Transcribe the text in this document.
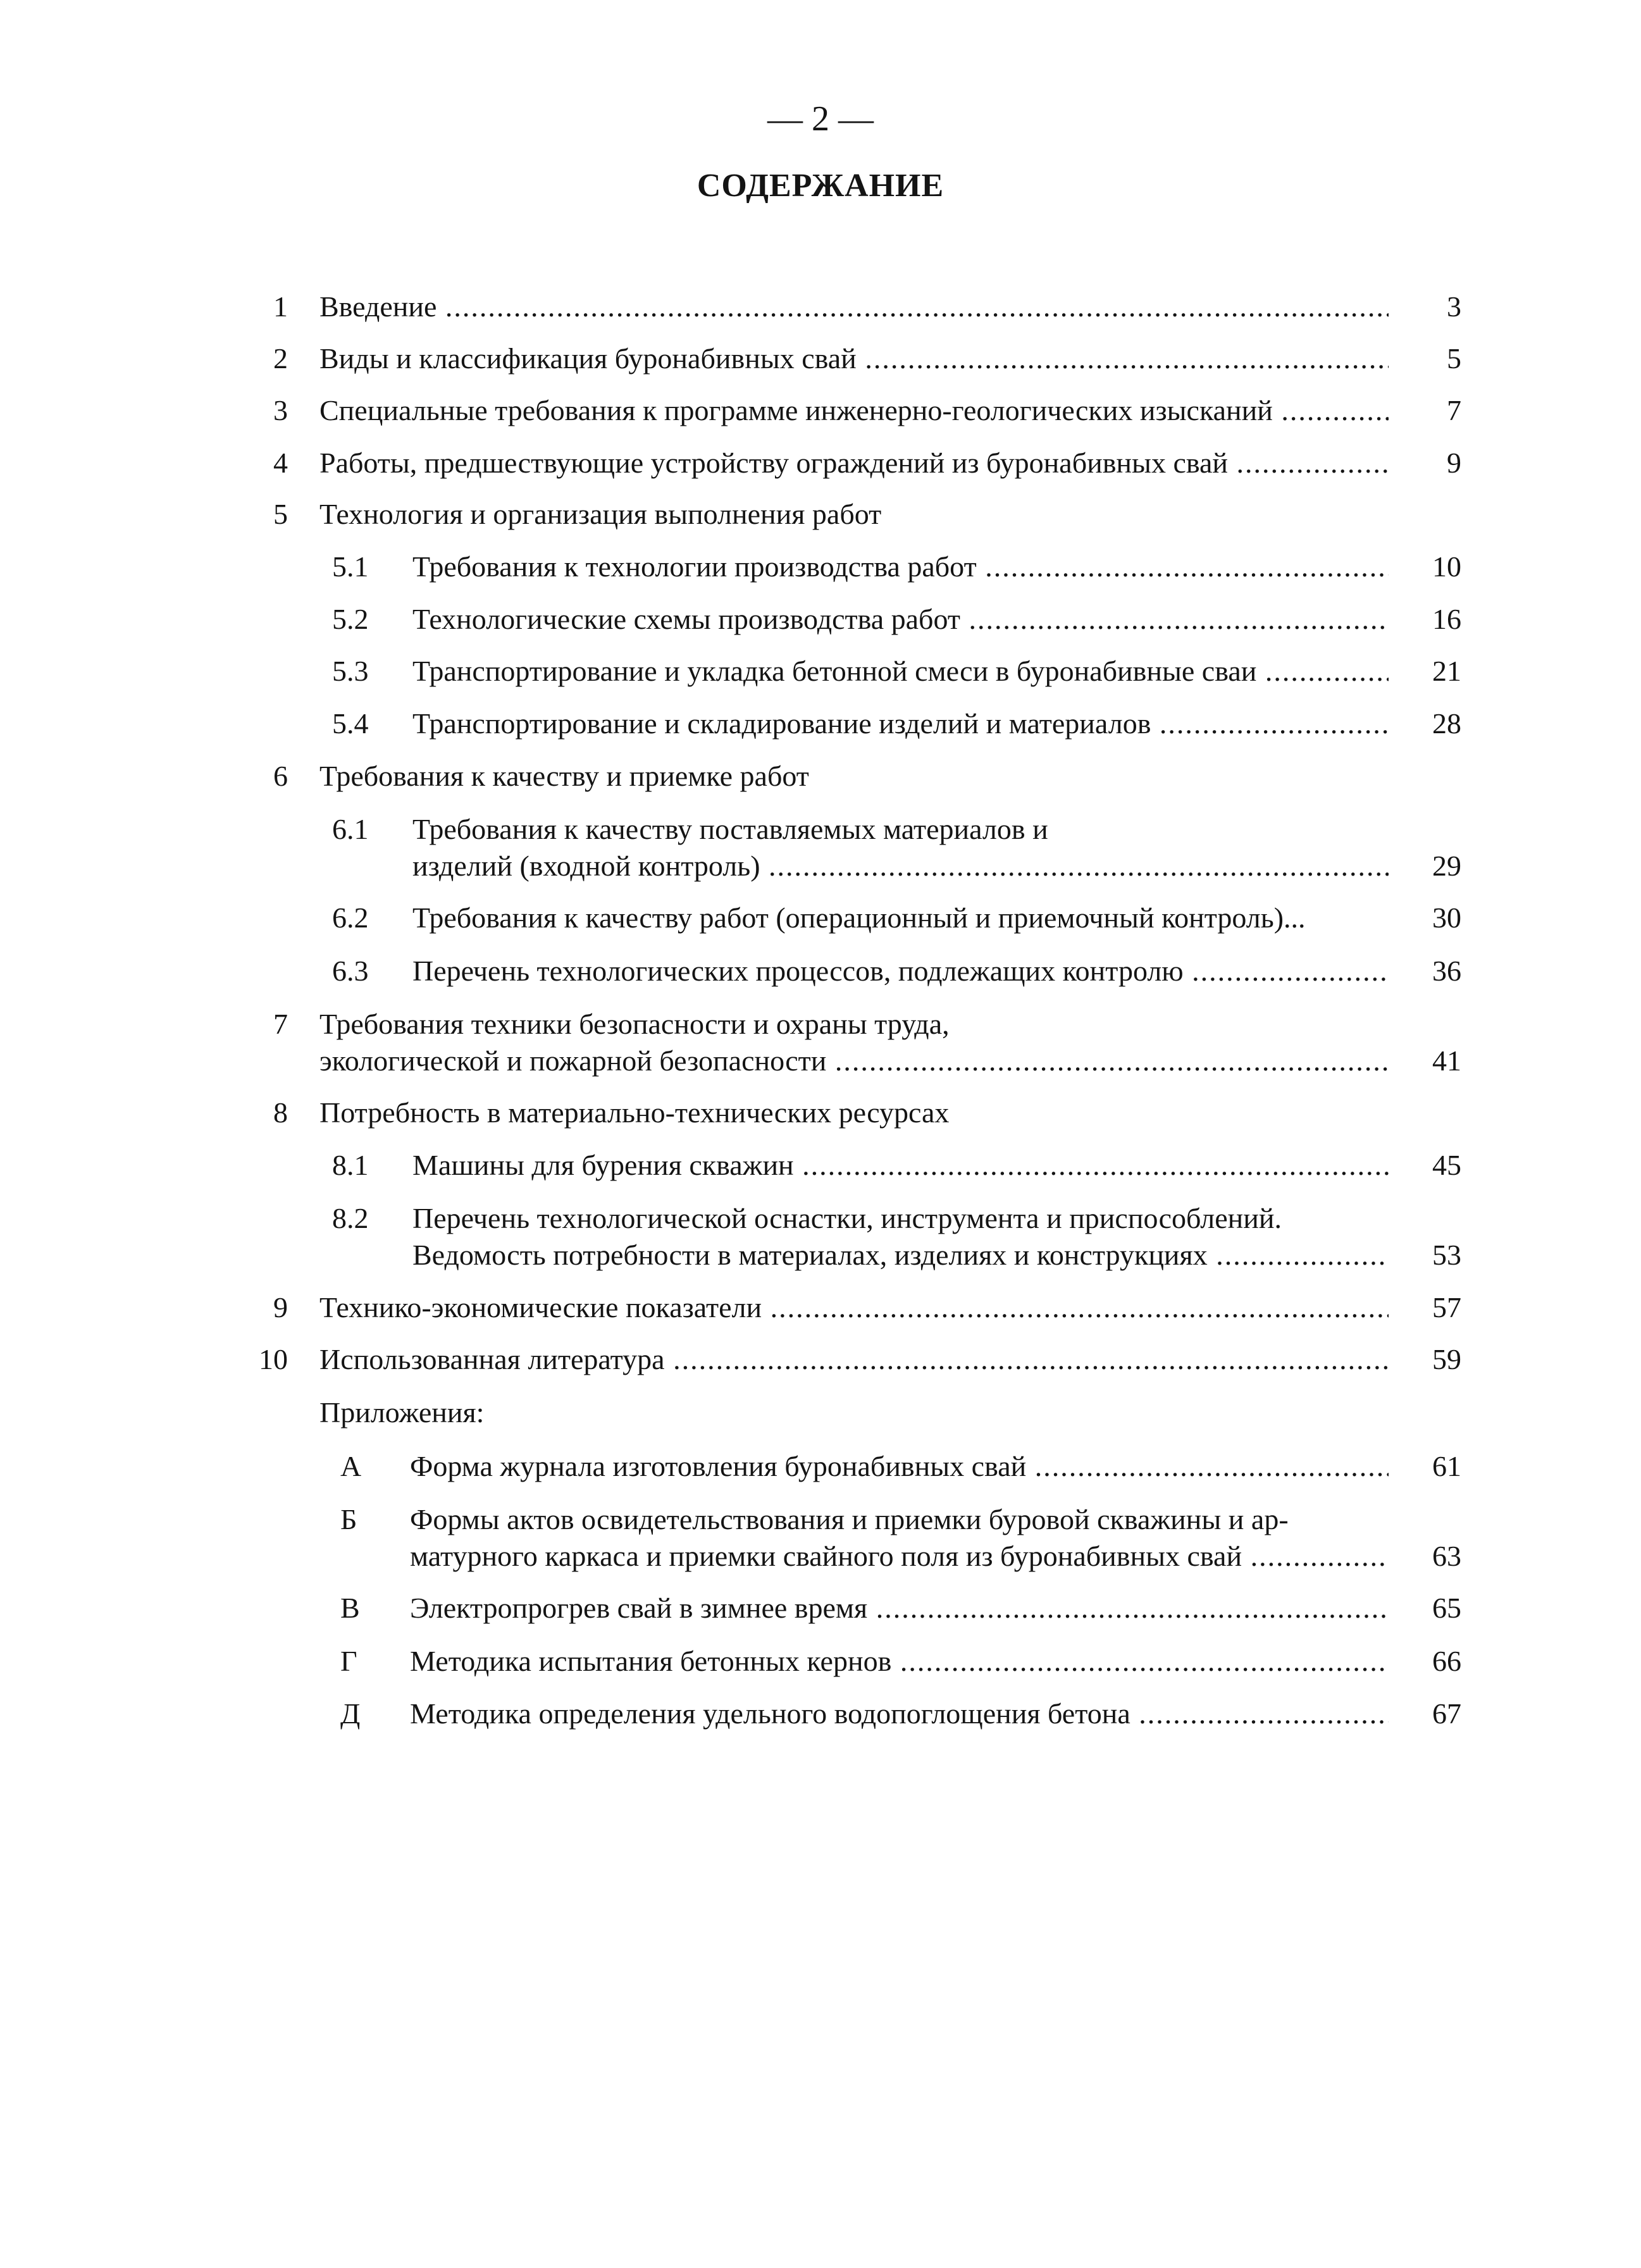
— 2 —
СОДЕРЖАНИЕ
1 Введение .....	3
2 Виды и классификация буронабивных свай .....	5
3 Специальные требования к программе инженерно-геологических изысканий .....	7
4 Работы, предшествующие устройству ограждений из буронабивных свай .....	9
5 Технология и организация выполнения работ
5.1 Требования к технологии производства работ .....	10
5.2 Технологические схемы производства работ .....	16
5.3 Транспортирование и укладка бетонной смеси в буронабивные сваи .....	21
5.4 Транспортирование и складирование изделий и материалов .....	28
6 Требования к качеству и приемке работ
6.1 Требования к качеству поставляемых материалов и
изделий (входной контроль) .....	29
6.2 Требования к качеству работ (операционный и приемочный контроль)...	30
6.3 Перечень технологических процессов, подлежащих контролю .....	36
7 Требования техники безопасности и охраны труда,
экологической и пожарной безопасности .....	41
8 Потребность в материально-технических ресурсах
8.1 Машины для бурения скважин .....	45
8.2 Перечень технологической оснастки, инструмента и приспособлений.
Ведомость потребности в материалах, изделиях и конструкциях .....	53
9 Технико-экономические показатели .....	57
10 Использованная литература .....	59
Приложения:
А Форма журнала изготовления буронабивных свай .....	61
Б Формы актов освидетельствования и приемки буровой скважины и ар-
матурного каркаса и приемки свайного поля из буронабивных свай .....	63
В Электропрогрев свай в зимнее время .....	65
Г Методика испытания бетонных кернов .....	66
Д Методика определения удельного водопоглощения бетона .....	67
